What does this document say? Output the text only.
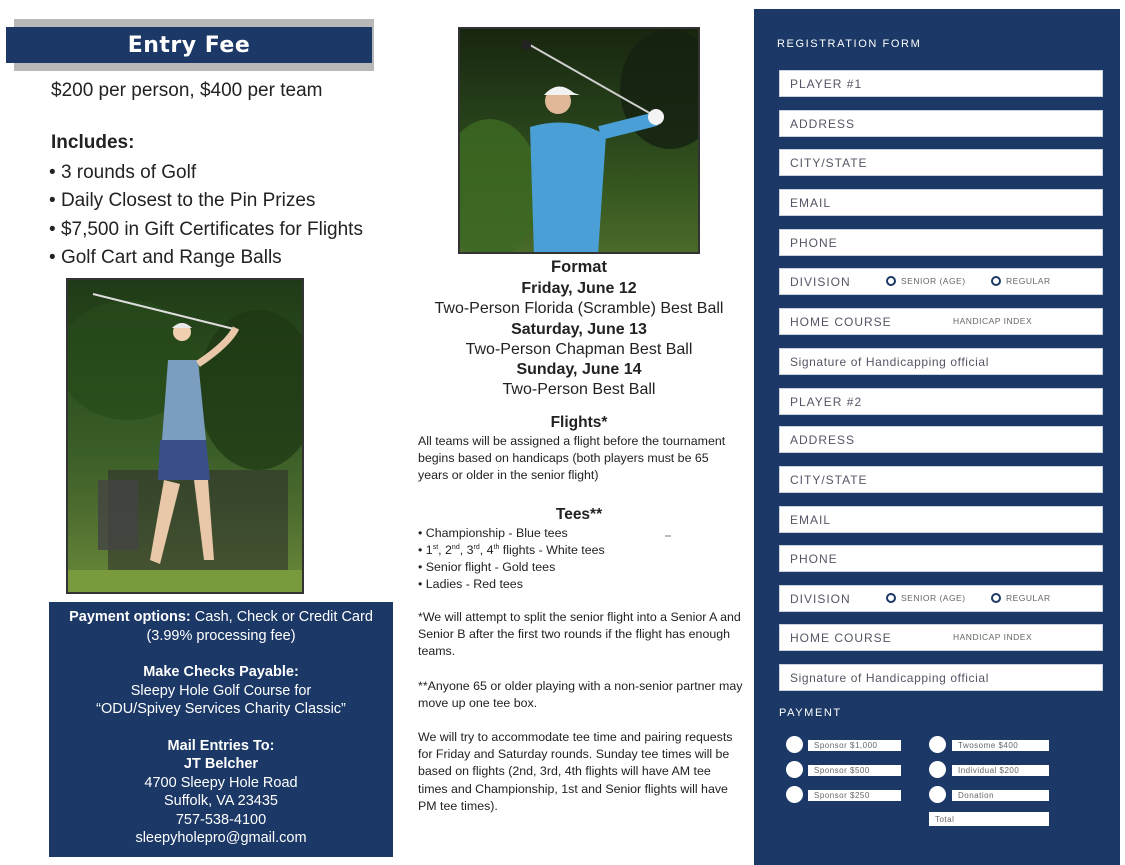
Entry Fee
$200 per person, $400 per team
Includes:
• 3 rounds of Golf
• Daily Closest to the Pin Prizes
• $7,500 in Gift Certificates for Flights
• Golf Cart and Range Balls
Payment options: Cash, Check or Credit Card
(3.99% processing fee)
Make Checks Payable:
Sleepy Hole Golf Course for
“ODU/Spivey Services Charity Classic”
Mail Entries To:
JT Belcher
4700 Sleepy Hole Road
Suffolk, VA 23435
757-538-4100
sleepyholepro@gmail.com
Format
Friday, June 12
Two-Person Florida (Scramble) Best Ball
Saturday, June 13
Two-Person Chapman Best Ball
Sunday, June 14
Two-Person Best Ball
Flights*
All teams will be assigned a flight before the tournament begins based on handicaps (both players must be 65 years or older in the senior flight)
Tees**
• Championship - Blue tees
• 1st, 2nd, 3rd, 4th flights - White tees
• Senior flight - Gold tees
• Ladies - Red tees
*We will attempt to split the senior flight into a Senior A and Senior B after the first two rounds if the flight has enough teams.
**Anyone 65 or older playing with a non-senior partner may move up one tee box.
We will try to accommodate tee time and pairing requests for Friday and Saturday rounds. Sunday tee times will be based on flights (2nd, 3rd, 4th flights will have AM tee times and Championship, 1st and Senior flights will have PM tee times).
REGISTRATION FORM
PLAYER #1
ADDRESS
CITY/STATE
EMAIL
PHONE
DIVISION	SENIOR (AGE)	REGULAR
HOME COURSE	HANDICAP INDEX
Signature of Handicapping official
PLAYER #2
ADDRESS
CITY/STATE
EMAIL
PHONE
DIVISION	SENIOR (AGE)	REGULAR
HOME COURSE	HANDICAP INDEX
Signature of Handicapping official
PAYMENT
Sponsor $1,000
Sponsor $500
Sponsor $250
Twosome $400
Individual $200
Donation
Total
